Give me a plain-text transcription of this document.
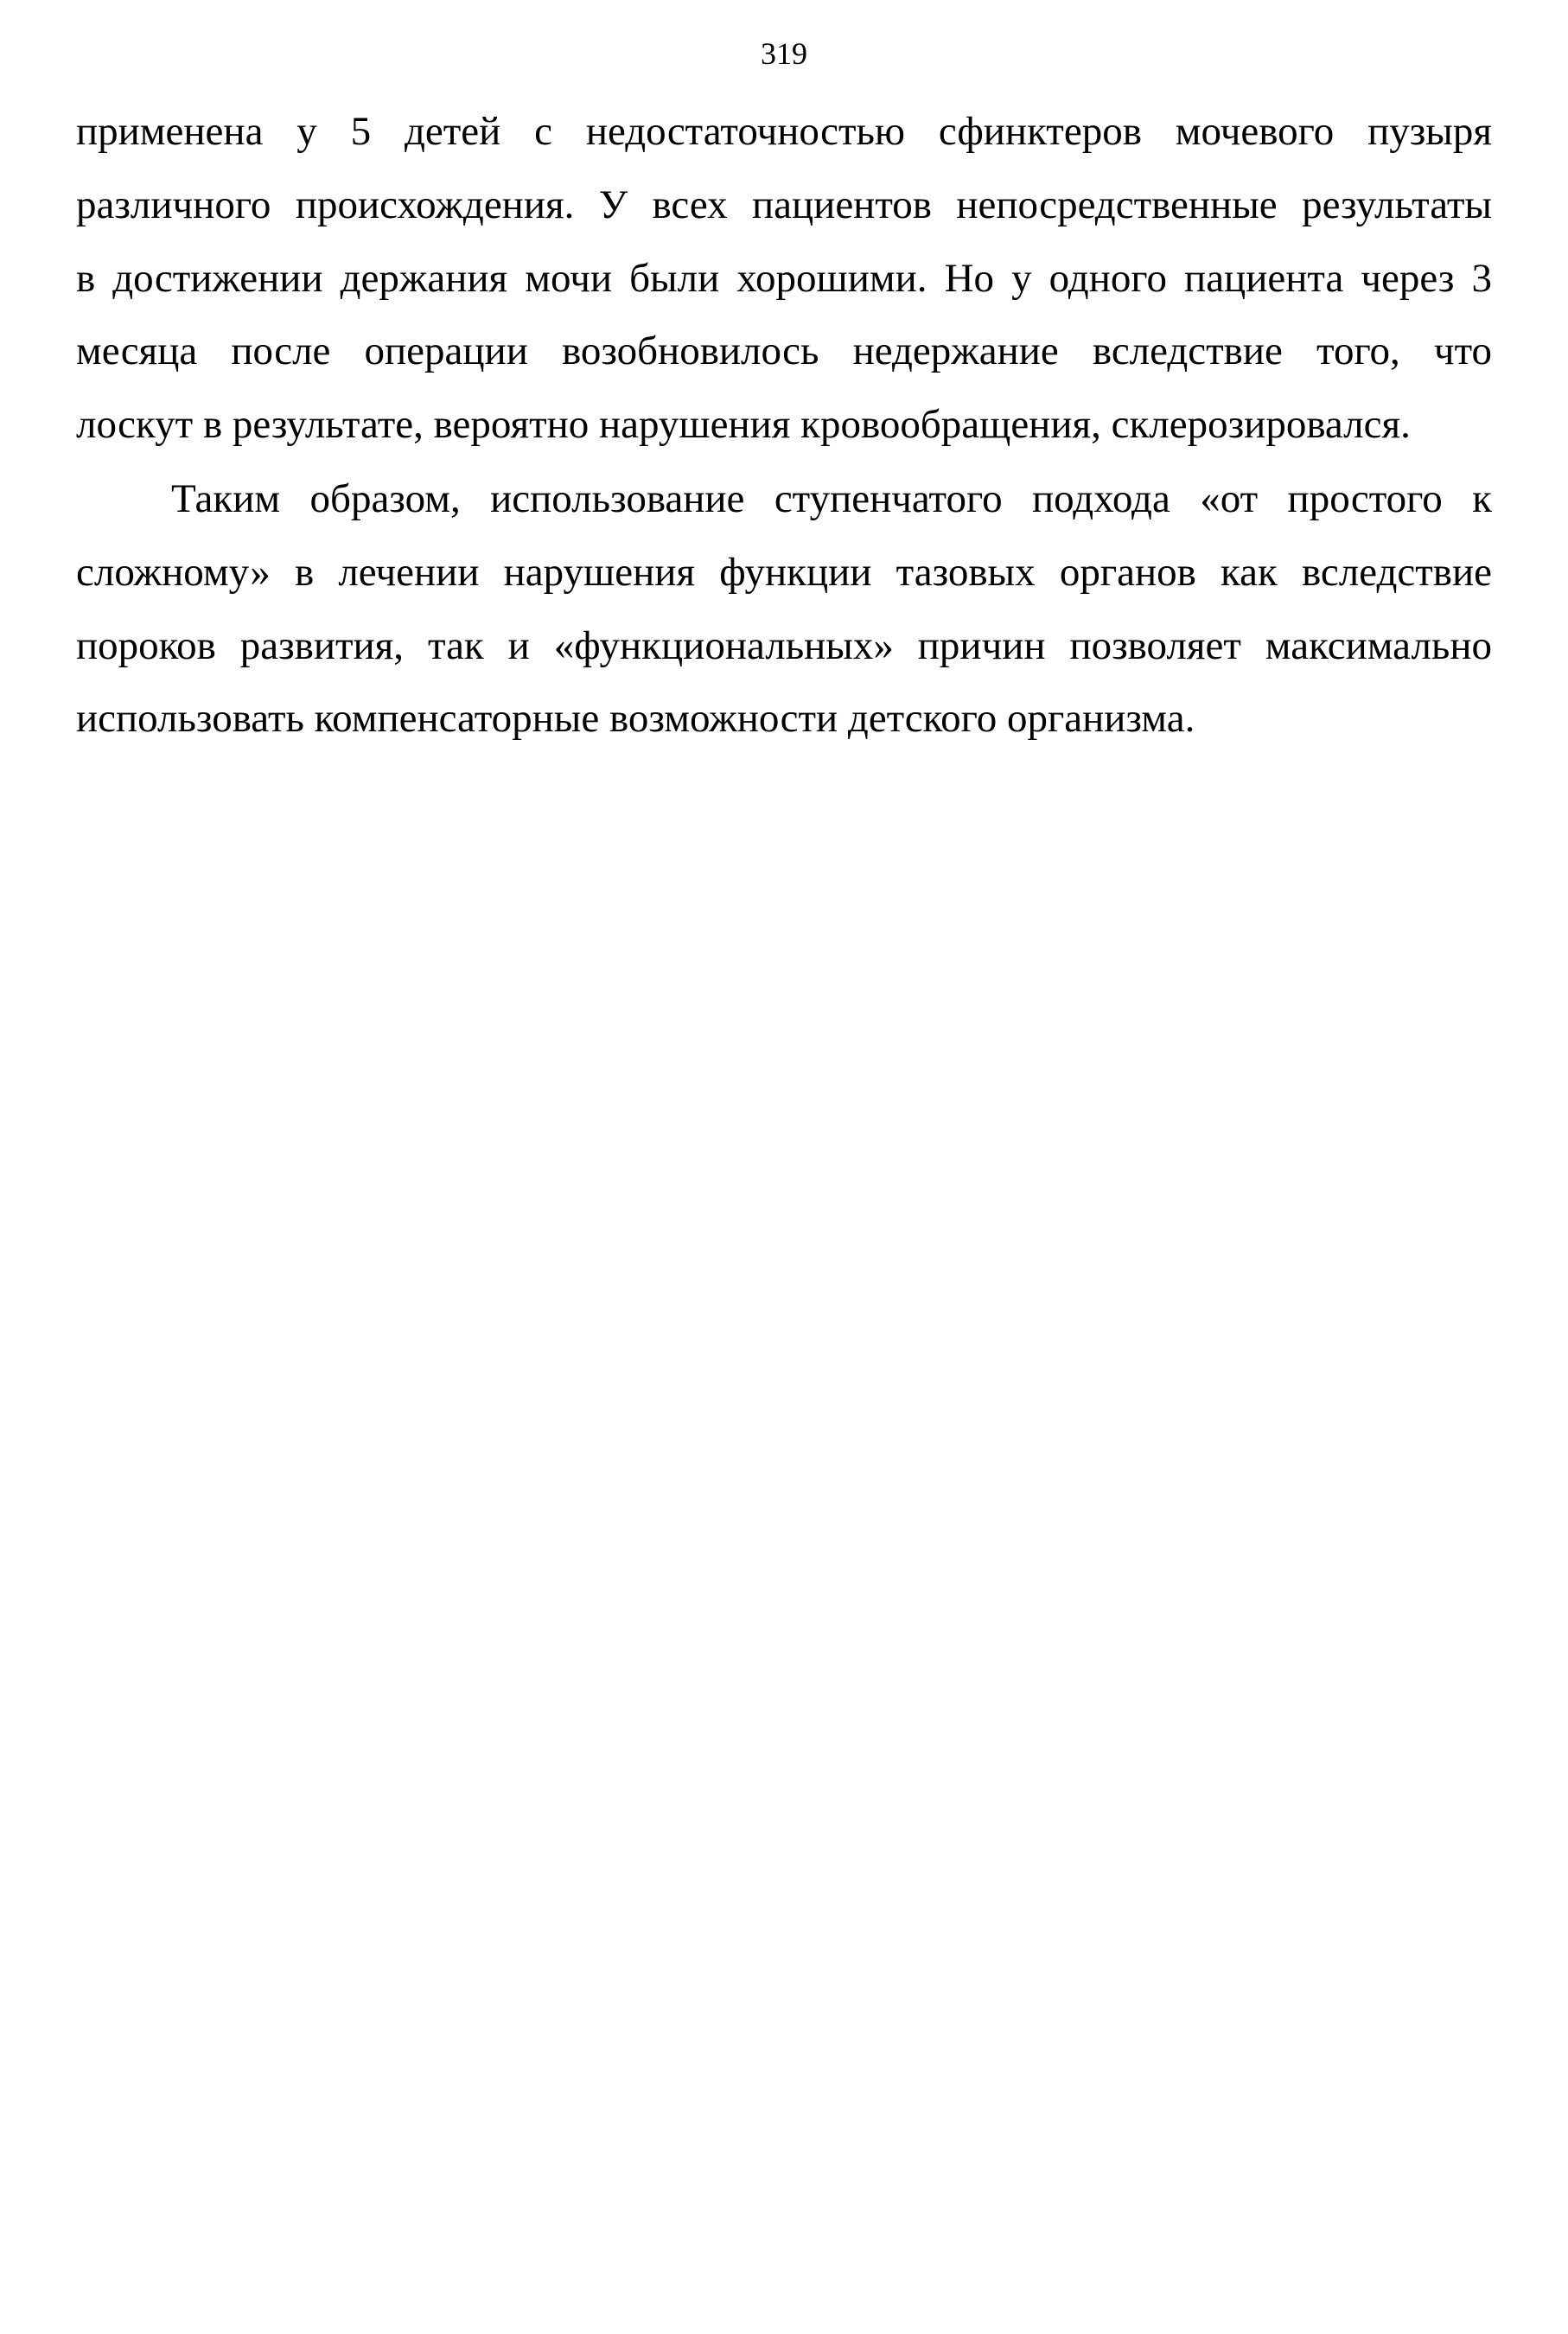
319
применена у 5 детей с недостаточностью сфинктеров мочевого пузыря
различного происхождения. У всех пациентов непосредственные результаты
в достижении держания мочи были хорошими. Но у одного пациента через 3
месяца после операции возобновилось недержание вследствие того, что
лоскут в результате, вероятно нарушения кровообращения, склерозировался.
Таким образом, использование ступенчатого подхода «от простого к
сложному» в лечении нарушения функции тазовых органов как вследствие
пороков развития, так и «функциональных» причин позволяет максимально
использовать компенсаторные возможности детского организма.
